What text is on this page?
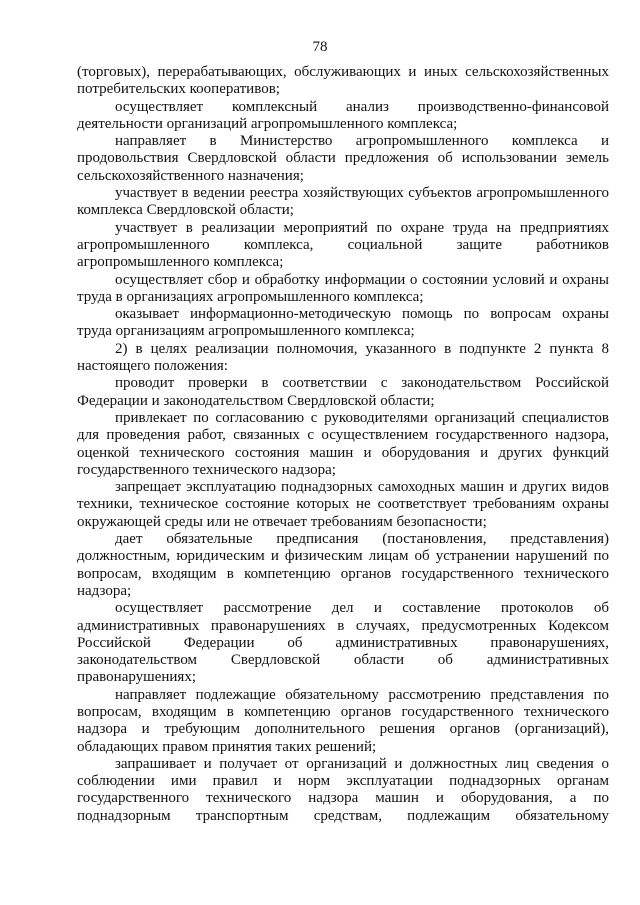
78

(торговых), перерабатывающих, обслуживающих и иных сельскохозяйственных потребительских кооперативов;

осуществляет комплексный анализ производственно-финансовой деятельности организаций агропромышленного комплекса;

направляет в Министерство агропромышленного комплекса и продовольствия Свердловской области предложения об использовании земель сельскохозяйственного назначения;

участвует в ведении реестра хозяйствующих субъектов агропромышленного комплекса Свердловской области;

участвует в реализации мероприятий по охране труда на предприятиях агропромышленного комплекса, социальной защите работников агропромышленного комплекса;

осуществляет сбор и обработку информации о состоянии условий и охраны труда в организациях агропромышленного комплекса;

оказывает информационно-методическую помощь по вопросам охраны труда организациям агропромышленного комплекса;

2) в целях реализации полномочия, указанного в подпункте 2 пункта 8 настоящего положения:

проводит проверки в соответствии с законодательством Российской Федерации и законодательством Свердловской области;

привлекает по согласованию с руководителями организаций специалистов для проведения работ, связанных с осуществлением государственного надзора, оценкой технического состояния машин и оборудования и других функций государственного технического надзора;

запрещает эксплуатацию поднадзорных самоходных машин и других видов техники, техническое состояние которых не соответствует требованиям охраны окружающей среды или не отвечает требованиям безопасности;

дает обязательные предписания (постановления, представления) должностным, юридическим и физическим лицам об устранении нарушений по вопросам, входящим в компетенцию органов государственного технического надзора;

осуществляет рассмотрение дел и составление протоколов об административных правонарушениях в случаях, предусмотренных Кодексом Российской Федерации об административных правонарушениях, законодательством Свердловской области об административных правонарушениях;

направляет подлежащие обязательному рассмотрению представления по вопросам, входящим в компетенцию органов государственного технического надзора и требующим дополнительного решения органов (организаций), обладающих правом принятия таких решений;

запрашивает и получает от организаций и должностных лиц сведения о соблюдении ими правил и норм эксплуатации поднадзорных органам государственного технического надзора машин и оборудования, а по поднадзорным транспортным средствам, подлежащим обязательному
